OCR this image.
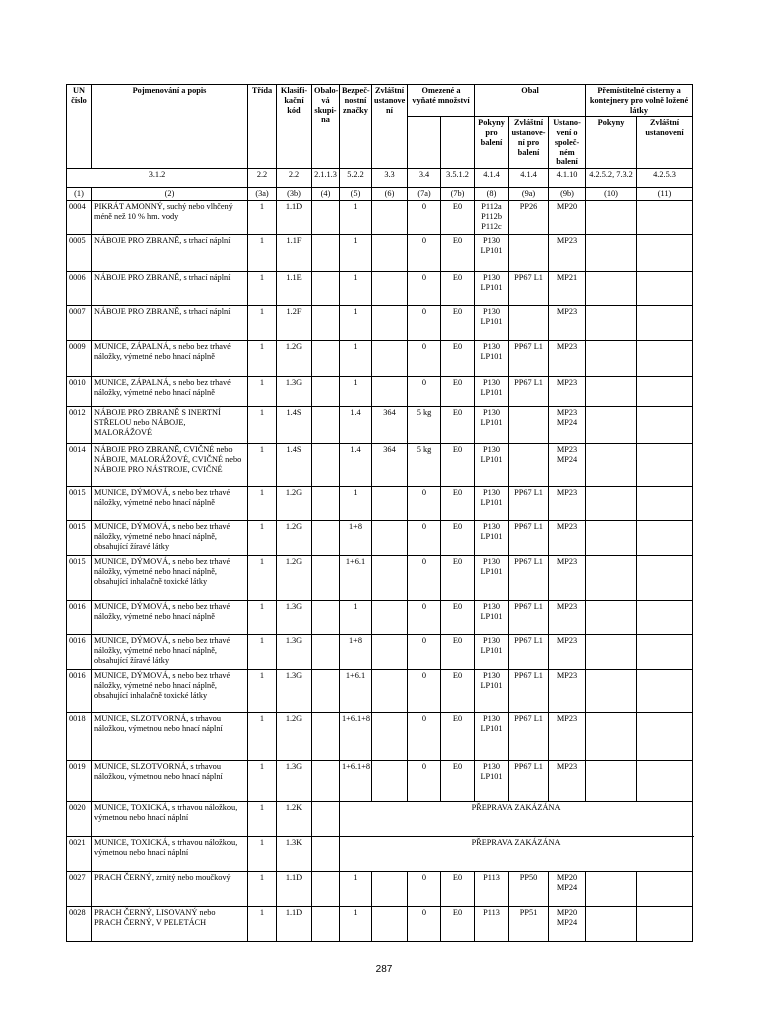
UN číslo	Pojmenování a popis	Třída	Klasifi- kační kód	Obalo- vá skupi- na	Bezpeč- nostní značky	Zvláštní ustanove ní	Omezené a vyňaté množství		Obal			Přemístitelné cisterny a kontejnery pro volně ložené látky	
									Pokyny pro balení	Zvláštní ustanove- ní pro balení	Ustano- vení o společ- ném balení	Pokyny	Zvláštní ustanovení
3.1.2		2.2	2.2	2.1.1.3	5.2.2	3.3	3.4	3.5.1.2	4.1.4	4.1.4	4.1.10	4.2.5.2, 7.3.2	4.2.5.3
(1)	(2)	(3a)	(3b)	(4)	(5)	(6)	(7a)	(7b)	(8)	(9a)	(9b)	(10)	(11)
0004	PIKRÁT AMONNÝ, suchý nebo vlhčený méně než 10 % hm. vody	1	1.1D		1		0	E0	P112a P112b P112c	PP26	MP20		
0005	NÁBOJE PRO ZBRANĚ, s trhací náplní	1	1.1F		1		0	E0	P130 LP101		MP23		
0006	NÁBOJE PRO ZBRANĚ, s trhací náplní	1	1.1E		1		0	E0	P130 LP101	PP67 L1	MP21		
0007	NÁBOJE PRO ZBRANĚ, s trhací náplní	1	1.2F		1		0	E0	P130 LP101		MP23		
0009	MUNICE, ZÁPALNÁ, s nebo bez trhavé náložky, výmetné nebo hnací náplně	1	1.2G		1		0	E0	P130 LP101	PP67 L1	MP23		
0010	MUNICE, ZÁPALNÁ, s nebo bez trhavé náložky, výmetné nebo hnací náplně	1	1.3G		1		0	E0	P130 LP101	PP67 L1	MP23		
0012	NÁBOJE PRO ZBRANĚ S INERTNÍ STŘELOU nebo NÁBOJE, MALORÁŽOVÉ	1	1.4S		1.4	364	5 kg	E0	P130 LP101		MP23 MP24		
0014	NÁBOJE PRO ZBRANĚ, CVIČNÉ nebo NÁBOJE, MALORÁŽOVÉ, CVIČNÉ nebo NÁBOJE PRO NÁSTROJE, CVIČNÉ	1	1.4S		1.4	364	5 kg	E0	P130 LP101		MP23 MP24		
0015	MUNICE, DÝMOVÁ, s nebo bez trhavé náložky, výmetné nebo hnací náplně	1	1.2G		1		0	E0	P130 LP101	PP67 L1	MP23		
0015	MUNICE, DÝMOVÁ, s nebo bez trhavé náložky, výmetné nebo hnací náplně, obsahující žíravé látky	1	1.2G		1+8		0	E0	P130 LP101	PP67 L1	MP23		
0015	MUNICE, DÝMOVÁ, s nebo bez trhavé náložky, výmetné nebo hnací náplně, obsahující inhalačně toxické látky	1	1.2G		1+6.1		0	E0	P130 LP101	PP67 L1	MP23		
0016	MUNICE, DÝMOVÁ, s nebo bez trhavé náložky, výmetné nebo hnací náplně	1	1.3G		1		0	E0	P130 LP101	PP67 L1	MP23		
0016	MUNICE, DÝMOVÁ, s nebo bez trhavé náložky, výmetné nebo hnací náplně, obsahující žíravé látky	1	1.3G		1+8		0	E0	P130 LP101	PP67 L1	MP23		
0016	MUNICE, DÝMOVÁ, s nebo bez trhavé náložky, výmetné nebo hnací náplně, obsahující inhalačně toxické látky	1	1.3G		1+6.1		0	E0	P130 LP101	PP67 L1	MP23		
0018	MUNICE, SLZOTVORNÁ, s trhavou náložkou, výmetnou nebo hnací náplní	1	1.2G		1+6.1+8		0	E0	P130 LP101	PP67 L1	MP23		
0019	MUNICE, SLZOTVORNÁ, s trhavou náložkou, výmetnou nebo hnací náplní	1	1.3G		1+6.1+8		0	E0	P130 LP101	PP67 L1	MP23		
0020	MUNICE, TOXICKÁ, s trhavou náložkou, výmetnou nebo hnací náplní	1	1.2K		PŘEPRAVA ZAKÁZÁNA								
0021	MUNICE, TOXICKÁ, s trhavou náložkou, výmetnou nebo hnací náplní	1	1.3K		PŘEPRAVA ZAKÁZÁNA								
0027	PRACH ČERNÝ, zrnitý nebo moučkový	1	1.1D		1		0	E0	P113	PP50	MP20 MP24		
0028	PRACH ČERNÝ, LISOVANÝ nebo PRACH ČERNÝ, V PELETÁCH	1	1.1D		1		0	E0	P113	PP51	MP20 MP24		
287
